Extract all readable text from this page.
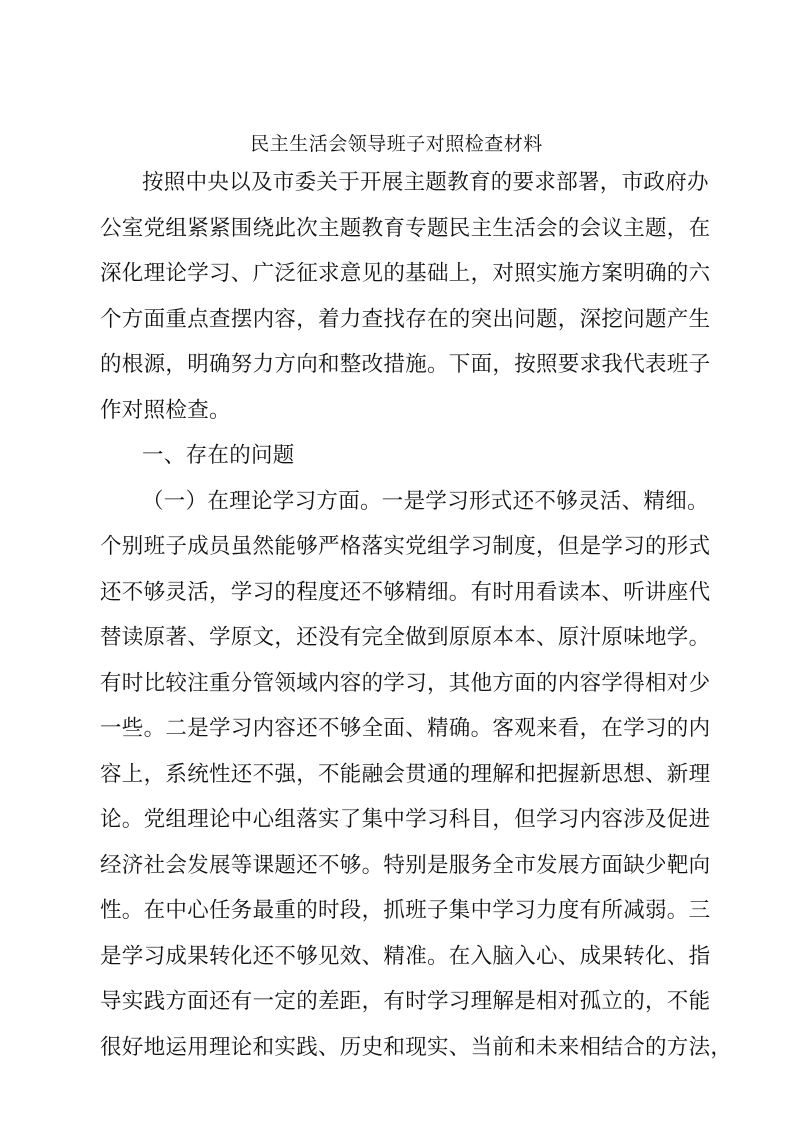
民主生活会领导班子对照检查材料
按照中央以及市委关于开展主题教育的要求部署，市政府办
公室党组紧紧围绕此次主题教育专题民主生活会的会议主题，在
深化理论学习、广泛征求意见的基础上，对照实施方案明确的六
个方面重点查摆内容，着力查找存在的突出问题，深挖问题产生
的根源，明确努力方向和整改措施。下面，按照要求我代表班子
作对照检查。
一、存在的问题
（一）在理论学习方面。一是学习形式还不够灵活、精细。
个别班子成员虽然能够严格落实党组学习制度，但是学习的形式
还不够灵活，学习的程度还不够精细。有时用看读本、听讲座代
替读原著、学原文，还没有完全做到原原本本、原汁原味地学。
有时比较注重分管领域内容的学习，其他方面的内容学得相对少
一些。二是学习内容还不够全面、精确。客观来看，在学习的内
容上，系统性还不强，不能融会贯通的理解和把握新思想、新理
论。党组理论中心组落实了集中学习科目，但学习内容涉及促进
经济社会发展等课题还不够。特别是服务全市发展方面缺少靶向
性。在中心任务最重的时段，抓班子集中学习力度有所减弱。三
是学习成果转化还不够见效、精准。在入脑入心、成果转化、指
导实践方面还有一定的差距，有时学习理解是相对孤立的，不能
很好地运用理论和实践、历史和现实、当前和未来相结合的方法，
